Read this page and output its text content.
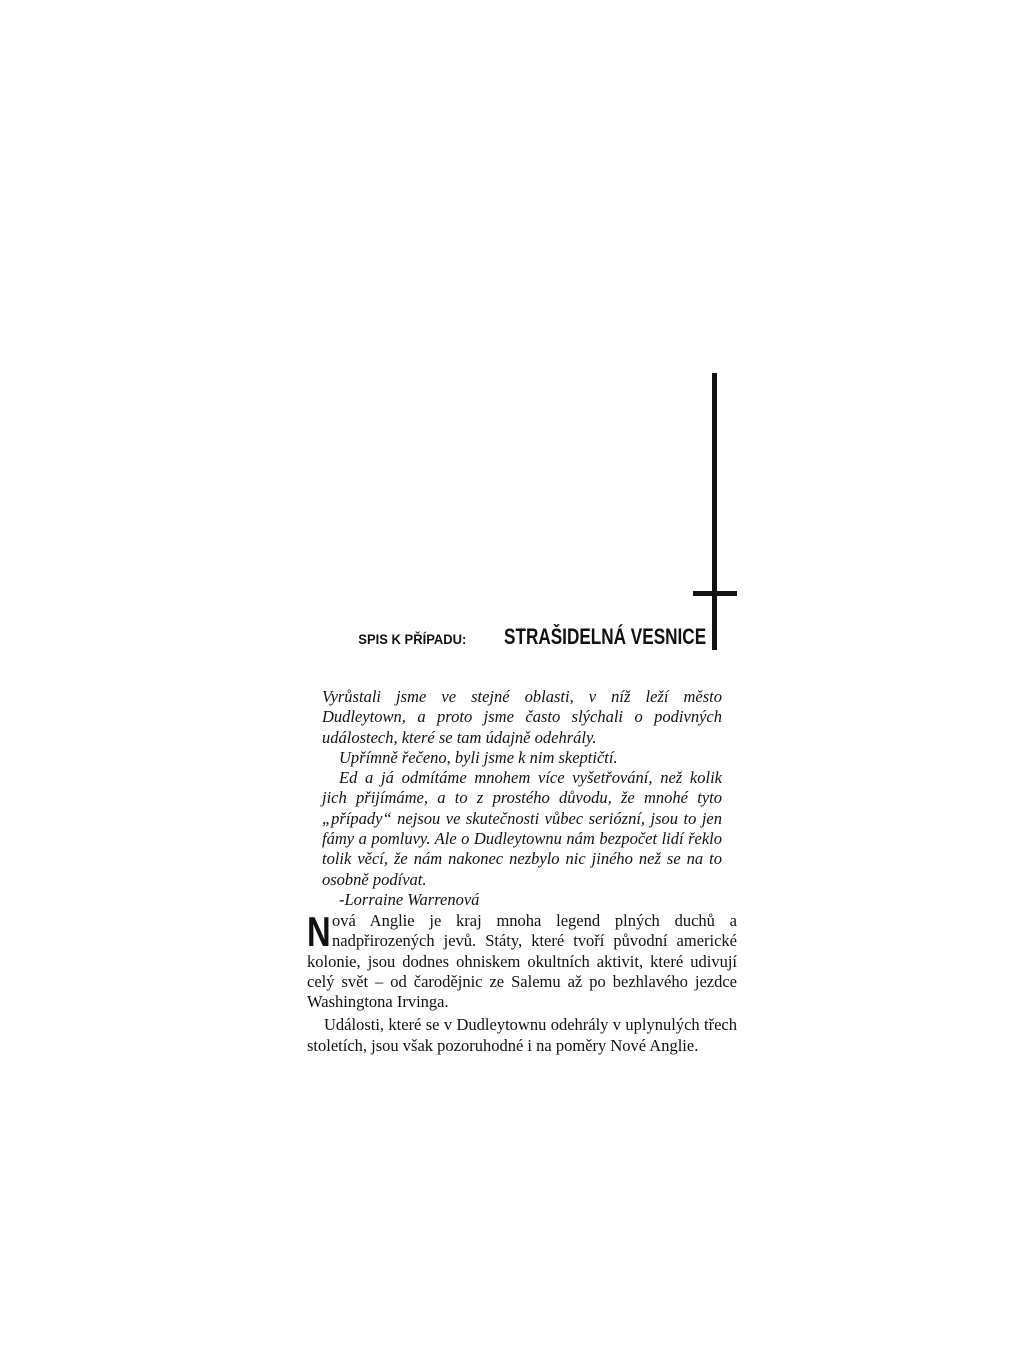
SPIS K PŘÍPADU: STRAŠIDELNÁ VESNICE

Vyrůstali jsme ve stejné oblasti, v níž leží město Dudleytown, a proto jsme často slýchali o podivných událostech, které se tam údajně odehrály.

Upřímně řečeno, byli jsme k nim skeptičtí.

Ed a já odmítáme mnohem více vyšetřování, než kolik jich přijímáme, a to z prostého důvodu, že mnohé tyto „případy“ nejsou ve skutečnosti vůbec seriózní, jsou to jen fámy a pomluvy. Ale o Dudleytownu nám bezpočet lidí řeklo tolik věcí, že nám nakonec nezbylo nic jiného než se na to osobně podívat.

-Lorraine Warrenová

Nová Anglie je kraj mnoha legend plných duchů a nadpřirozených jevů. Státy, které tvoří původní americké kolonie, jsou dodnes ohniskem okultních aktivit, které udivují celý svět – od čarodějnic ze Salemu až po bezhlavého jezdce Washingtona Irvinga.

Události, které se v Dudleytownu odehrály v uplynulých třech stoletích, jsou však pozoruhodné i na poměry Nové Anglie.
